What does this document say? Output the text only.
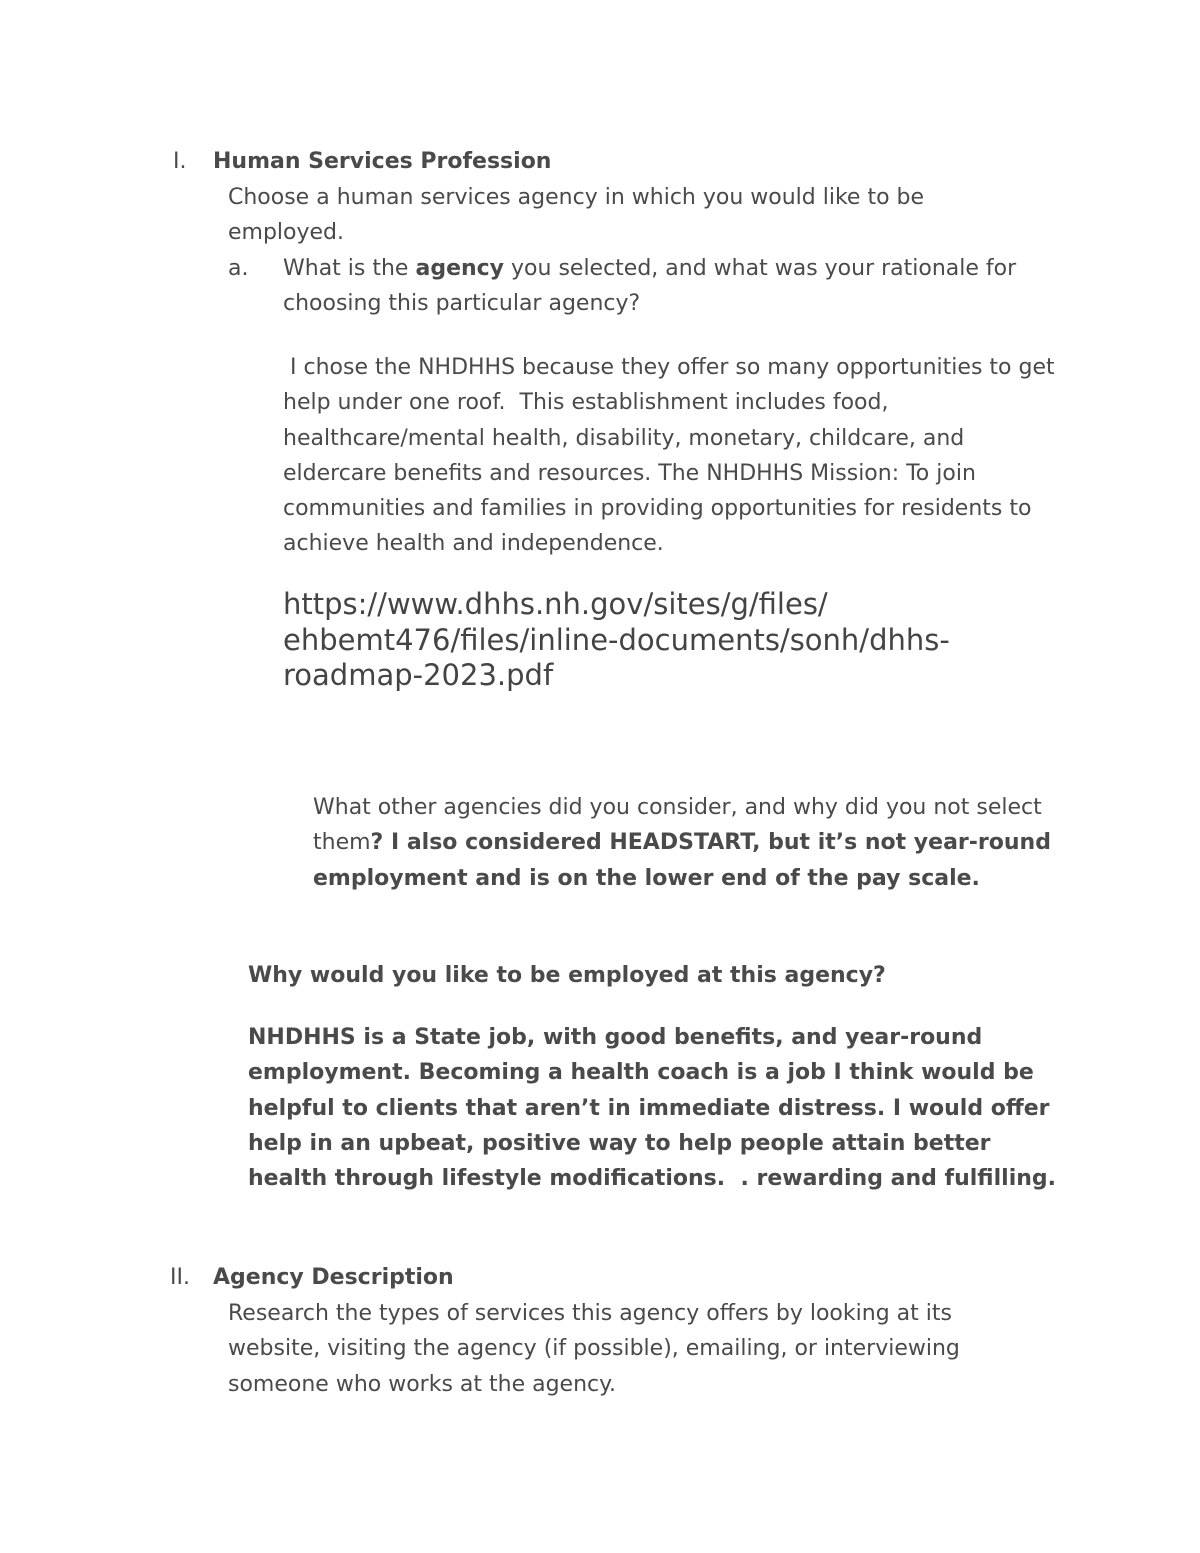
I. Human Services Profession
Choose a human services agency in which you would like to be employed.
a. What is the agency you selected, and what was your rationale for choosing this particular agency?
I chose the NHDHHS because they offer so many opportunities to get help under one roof.  This establishment includes food, healthcare/mental health, disability, monetary, childcare, and eldercare benefits and resources. The NHDHHS Mission: To join communities and families in providing opportunities for residents to achieve health and independence.
https://www.dhhs.nh.gov/sites/g/files/
ehbemt476/files/inline-documents/sonh/dhhs-
roadmap-2023.pdf
What other agencies did you consider, and why did you not select them? I also considered HEADSTART, but it’s not year-round employment and is on the lower end of the pay scale.
Why would you like to be employed at this agency?
NHDHHS is a State job, with good benefits, and year-round employment. Becoming a health coach is a job I think would be helpful to clients that aren’t in immediate distress. I would offer help in an upbeat, positive way to help people attain better health through lifestyle modifications.  . rewarding and fulfilling.
II. Agency Description
Research the types of services this agency offers by looking at its website, visiting the agency (if possible), emailing, or interviewing someone who works at the agency.
